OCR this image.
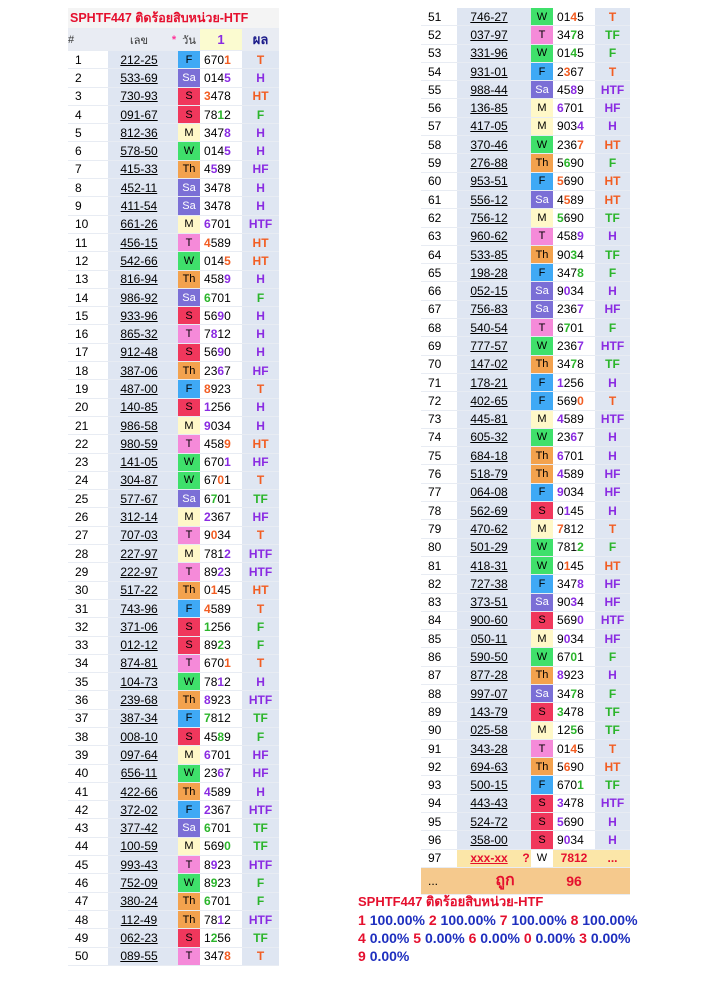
SPHTF447 ติดร้อยสิบหน่วย-HTF					
#	เลข	*	วัน	1	ผล
1	212-25		F	6701	T
2	533-69		Sa	0145	H
3	730-93		S	3478	HT
4	091-67		S	7812	F
5	812-36		M	3478	H
6	578-50		W	0145	H
7	415-33		Th	4589	HF
8	452-11		Sa	3478	H
9	411-54		Sa	3478	H
10	661-26		M	6701	HTF
11	456-15		T	4589	HT
12	542-66		W	0145	HT
13	816-94		Th	4589	H
14	986-92		Sa	6701	F
15	933-96		S	5690	H
16	865-32		T	7812	H
17	912-48		S	5690	H
18	387-06		Th	2367	HF
19	487-00		F	8923	T
20	140-85		S	1256	H
21	986-58		M	9034	H
22	980-59		T	4589	HT
23	141-05		W	6701	HF
24	304-87		W	6701	T
25	577-67		Sa	6701	TF
26	312-14		M	2367	HF
27	707-03		T	9034	T
28	227-97		M	7812	HTF
29	222-97		T	8923	HTF
30	517-22		Th	0145	HT
31	743-96		F	4589	T
32	371-06		S	1256	F
33	012-12		S	8923	F
34	874-81		T	6701	T
35	104-73		W	7812	H
36	239-68		Th	8923	HTF
37	387-34		F	7812	TF
38	008-10		S	4589	F
39	097-64		M	6701	HF
40	656-11		W	2367	HF
41	422-66		Th	4589	H
42	372-02		F	2367	HTF
43	377-42		Sa	6701	TF
44	100-59		M	5690	TF
45	993-43		T	8923	HTF
46	752-09		W	8923	F
47	380-24		Th	6701	F
48	112-49		Th	7812	HTF
49	062-23		S	1256	TF
50	089-55		T	3478	T
51	746-27		W	0145	T
52	037-97		T	3478	TF
53	331-96		W	0145	F
54	931-01		F	2367	T
55	988-44		Sa	4589	HTF
56	136-85		M	6701	HF
57	417-05		M	9034	H
58	370-46		W	2367	HT
59	276-88		Th	5690	F
60	953-51		F	5690	HT
61	556-12		Sa	4589	HT
62	756-12		M	5690	TF
63	960-62		T	4589	H
64	533-85		Th	9034	TF
65	198-28		F	3478	F
66	052-15		Sa	9034	H
67	756-83		Sa	2367	HF
68	540-54		T	6701	F
69	777-57		W	2367	HTF
70	147-02		Th	3478	TF
71	178-21		F	1256	H
72	402-65		F	5690	T
73	445-81		M	4589	HTF
74	605-32		W	2367	H
75	684-18		Th	6701	H
76	518-79		Th	4589	HF
77	064-08		F	9034	HF
78	562-69		S	0145	H
79	470-62		M	7812	T
80	501-29		W	7812	F
81	418-31		W	0145	HT
82	727-38		F	3478	HF
83	373-51		Sa	9034	HF
84	900-60		S	5690	HTF
85	050-11		M	9034	HF
86	590-50		W	6701	F
87	877-28		Th	8923	H
88	997-07		Sa	3478	F
89	143-79		S	3478	TF
90	025-58		M	1256	TF
91	343-28		T	0145	T
92	694-63		Th	5690	HT
93	500-15		F	6701	TF
94	443-43		S	3478	HTF
95	524-72		S	5690	H
96	358-00		S	9034	H
97	xxx-xx	?	W	7812	...
...	ถูก			96	
SPHTF447 ติดร้อยสิบหน่วย-HTF
1 100.00% 2 100.00% 7 100.00% 8 100.00%
4 0.00% 5 0.00% 6 0.00% 0 0.00% 3 0.00%
9 0.00%
